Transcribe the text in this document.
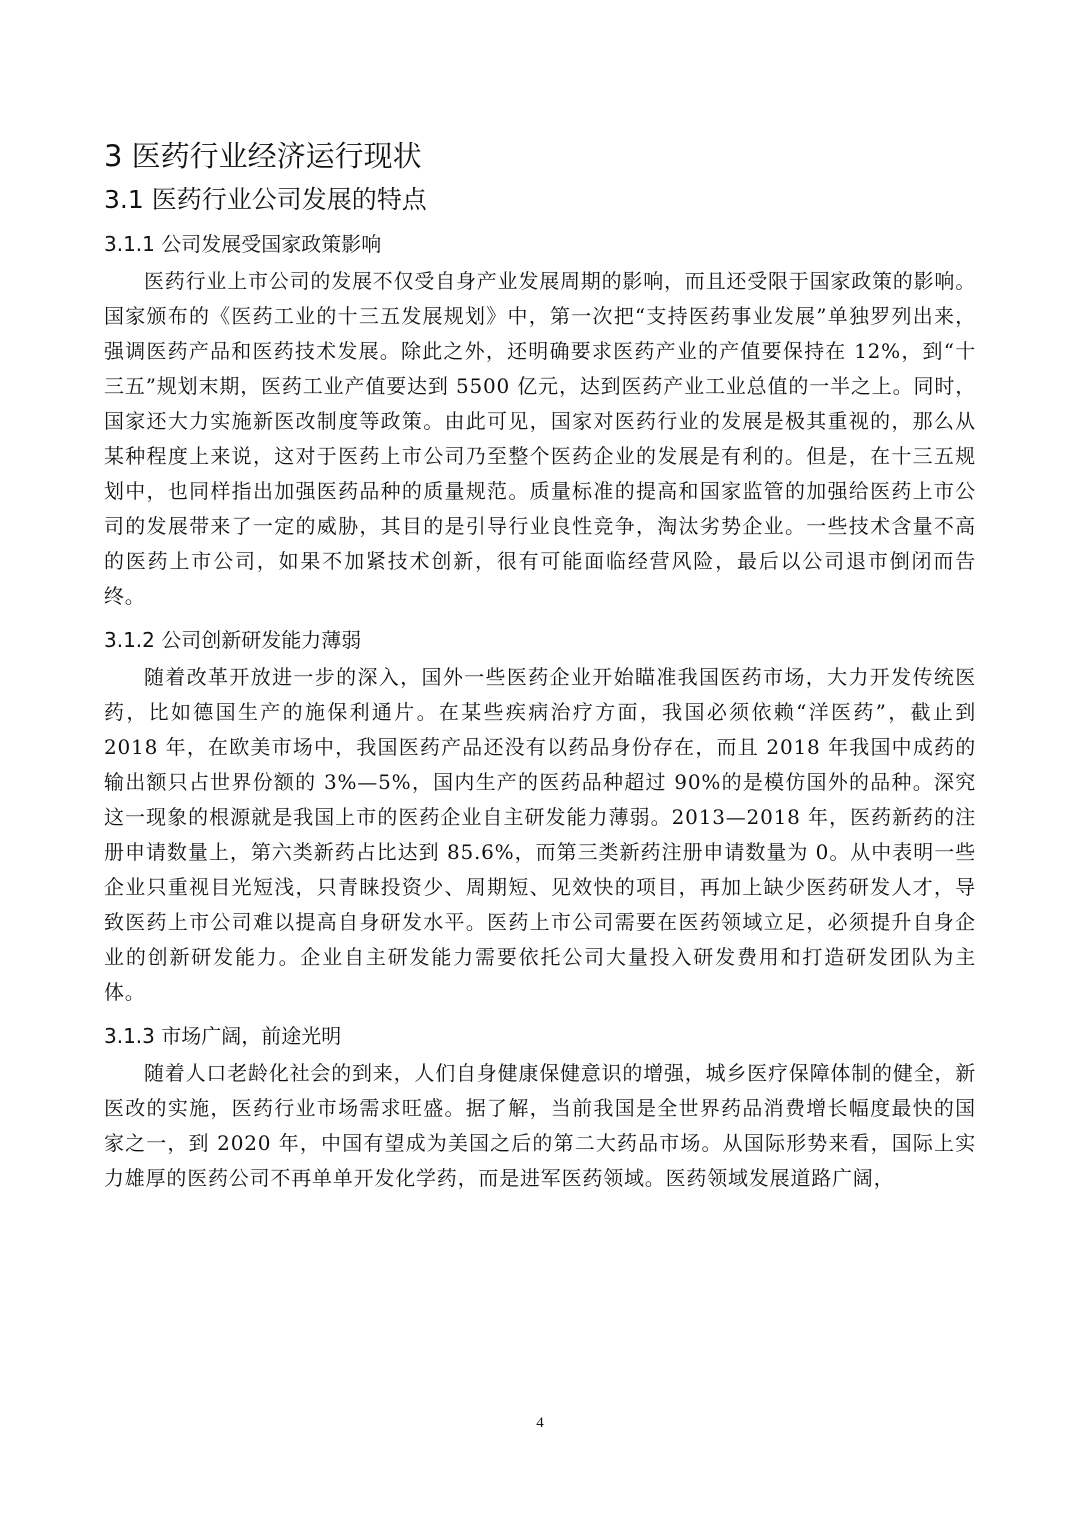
3 医药行业经济运行现状
3.1 医药行业公司发展的特点
3.1.1 公司发展受国家政策影响

医药行业上市公司的发展不仅受自身产业发展周期的影响，而且还受限于国家政策的影响。国家颁布的《医药工业的十三五发展规划》中，第一次把“支持医药事业发展”单独罗列出来，强调医药产品和医药技术发展。除此之外，还明确要求医药产业的产值要保持在 12%，到“十三五”规划末期，医药工业产值要达到 5500 亿元，达到医药产业工业总值的一半之上。同时，国家还大力实施新医改制度等政策。由此可见，国家对医药行业的发展是极其重视的，那么从某种程度上来说，这对于医药上市公司乃至整个医药企业的发展是有利的。但是，在十三五规划中，也同样指出加强医药品种的质量规范。质量标准的提高和国家监管的加强给医药上市公司的发展带来了一定的威胁，其目的是引导行业良性竞争，淘汰劣势企业。一些技术含量不高的医药上市公司，如果不加紧技术创新，很有可能面临经营风险，最后以公司退市倒闭而告终。

3.1.2 公司创新研发能力薄弱

随着改革开放进一步的深入，国外一些医药企业开始瞄准我国医药市场，大力开发传统医药，比如德国生产的施保利通片。在某些疾病治疗方面，我国必须依赖“洋医药”，截止到 2018 年，在欧美市场中，我国医药产品还没有以药品身份存在，而且 2018 年我国中成药的输出额只占世界份额的 3%—5%，国内生产的医药品种超过 90%的是模仿国外的品种。深究这一现象的根源就是我国上市的医药企业自主研发能力薄弱。2013—2018 年，医药新药的注册申请数量上，第六类新药占比达到 85.6%，而第三类新药注册申请数量为 0。从中表明一些企业只重视目光短浅，只青睐投资少、周期短、见效快的项目，再加上缺少医药研发人才，导致医药上市公司难以提高自身研发水平。医药上市公司需要在医药领域立足，必须提升自身企业的创新研发能力。企业自主研发能力需要依托公司大量投入研发费用和打造研发团队为主体。

3.1.3 市场广阔，前途光明

随着人口老龄化社会的到来，人们自身健康保健意识的增强，城乡医疗保障体制的健全，新医改的实施，医药行业市场需求旺盛。据了解，当前我国是全世界药品消费增长幅度最快的国家之一，到 2020 年，中国有望成为美国之后的第二大药品市场。从国际形势来看，国际上实力雄厚的医药公司不再单单开发化学药，而是进军医药领域。医药领域发展道路广阔，

4
